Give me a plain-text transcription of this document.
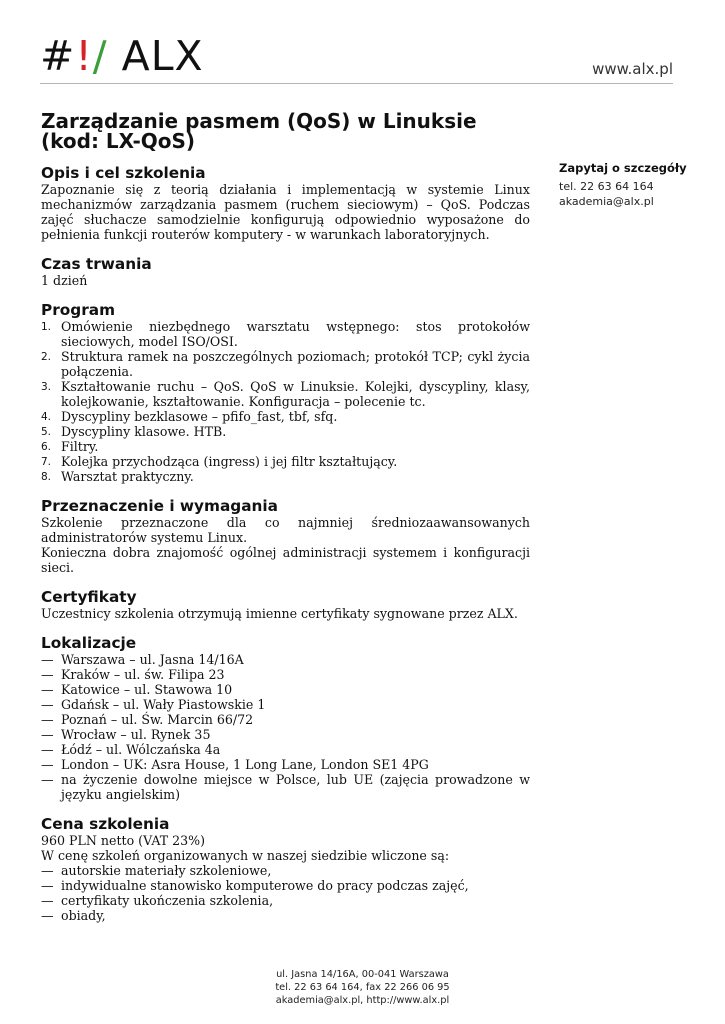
#!/ ALX	www.alx.pl
Zarządzanie pasmem (QoS) w Linuksie (kod: LX-QoS)
Opis i cel szkolenia

Zapoznanie się z teorią działania i implementacją w systemie Linux mechanizmów zarządzania pasmem (ruchem sieciowym) – QoS. Podczas zajęć słuchacze samodzielnie konfigurują odpowiednio wyposażone do pełnienia funkcji routerów komputery - w warunkach laboratoryjnych.

Czas trwania

1 dzień

Program
1. Omówienie niezbędnego warsztatu wstępnego: stos protokołów sieciowych, model ISO/OSI.
2. Struktura ramek na poszczególnych poziomach; protokół TCP; cykl życia połączenia.
3. Kształtowanie ruchu – QoS. QoS w Linuksie. Kolejki, dyscypliny, klasy, kolejkowanie, kształtowanie. Konfiguracja – polecenie tc.
4. Dyscypliny bezklasowe – pfifo_fast, tbf, sfq.
5. Dyscypliny klasowe. HTB.
6. Filtry.
7. Kolejka przychodząca (ingress) i jej filtr kształtujący.
8. Warsztat praktyczny.
Przeznaczenie i wymagania

Szkolenie przeznaczone dla co najmniej średniozaawansowanych administratorów systemu Linux.

Konieczna dobra znajomość ogólnej administracji systemem i konfiguracji sieci.

Certyfikaty

Uczestnicy szkolenia otrzymują imienne certyfikaty sygnowane przez ALX.

Lokalizacje
— Warszawa – ul. Jasna 14/16A
— Kraków – ul. św. Filipa 23
— Katowice – ul. Stawowa 10
— Gdańsk – ul. Wały Piastowskie 1
— Poznań – ul. Św. Marcin 66/72
— Wrocław – ul. Rynek 35
— Łódź – ul. Wólczańska 4a
— London – UK: Asra House, 1 Long Lane, London SE1 4PG
— na życzenie dowolne miejsce w Polsce, lub UE (zajęcia prowadzone w języku angielskim)
Cena szkolenia

960 PLN netto (VAT 23%)

W cenę szkoleń organizowanych w naszej siedzibie wliczone są:

— autorskie materiały szkoleniowe,
— indywidualne stanowisko komputerowe do pracy podczas zajęć,
— certyfikaty ukończenia szkolenia,
— obiady,
Zapytaj o szczegóły
tel. 22 63 64 164
akademia@alx.pl
ul. Jasna 14/16A, 00-041 Warszawa
tel. 22 63 64 164, fax 22 266 06 95
akademia@alx.pl, http://www.alx.pl
